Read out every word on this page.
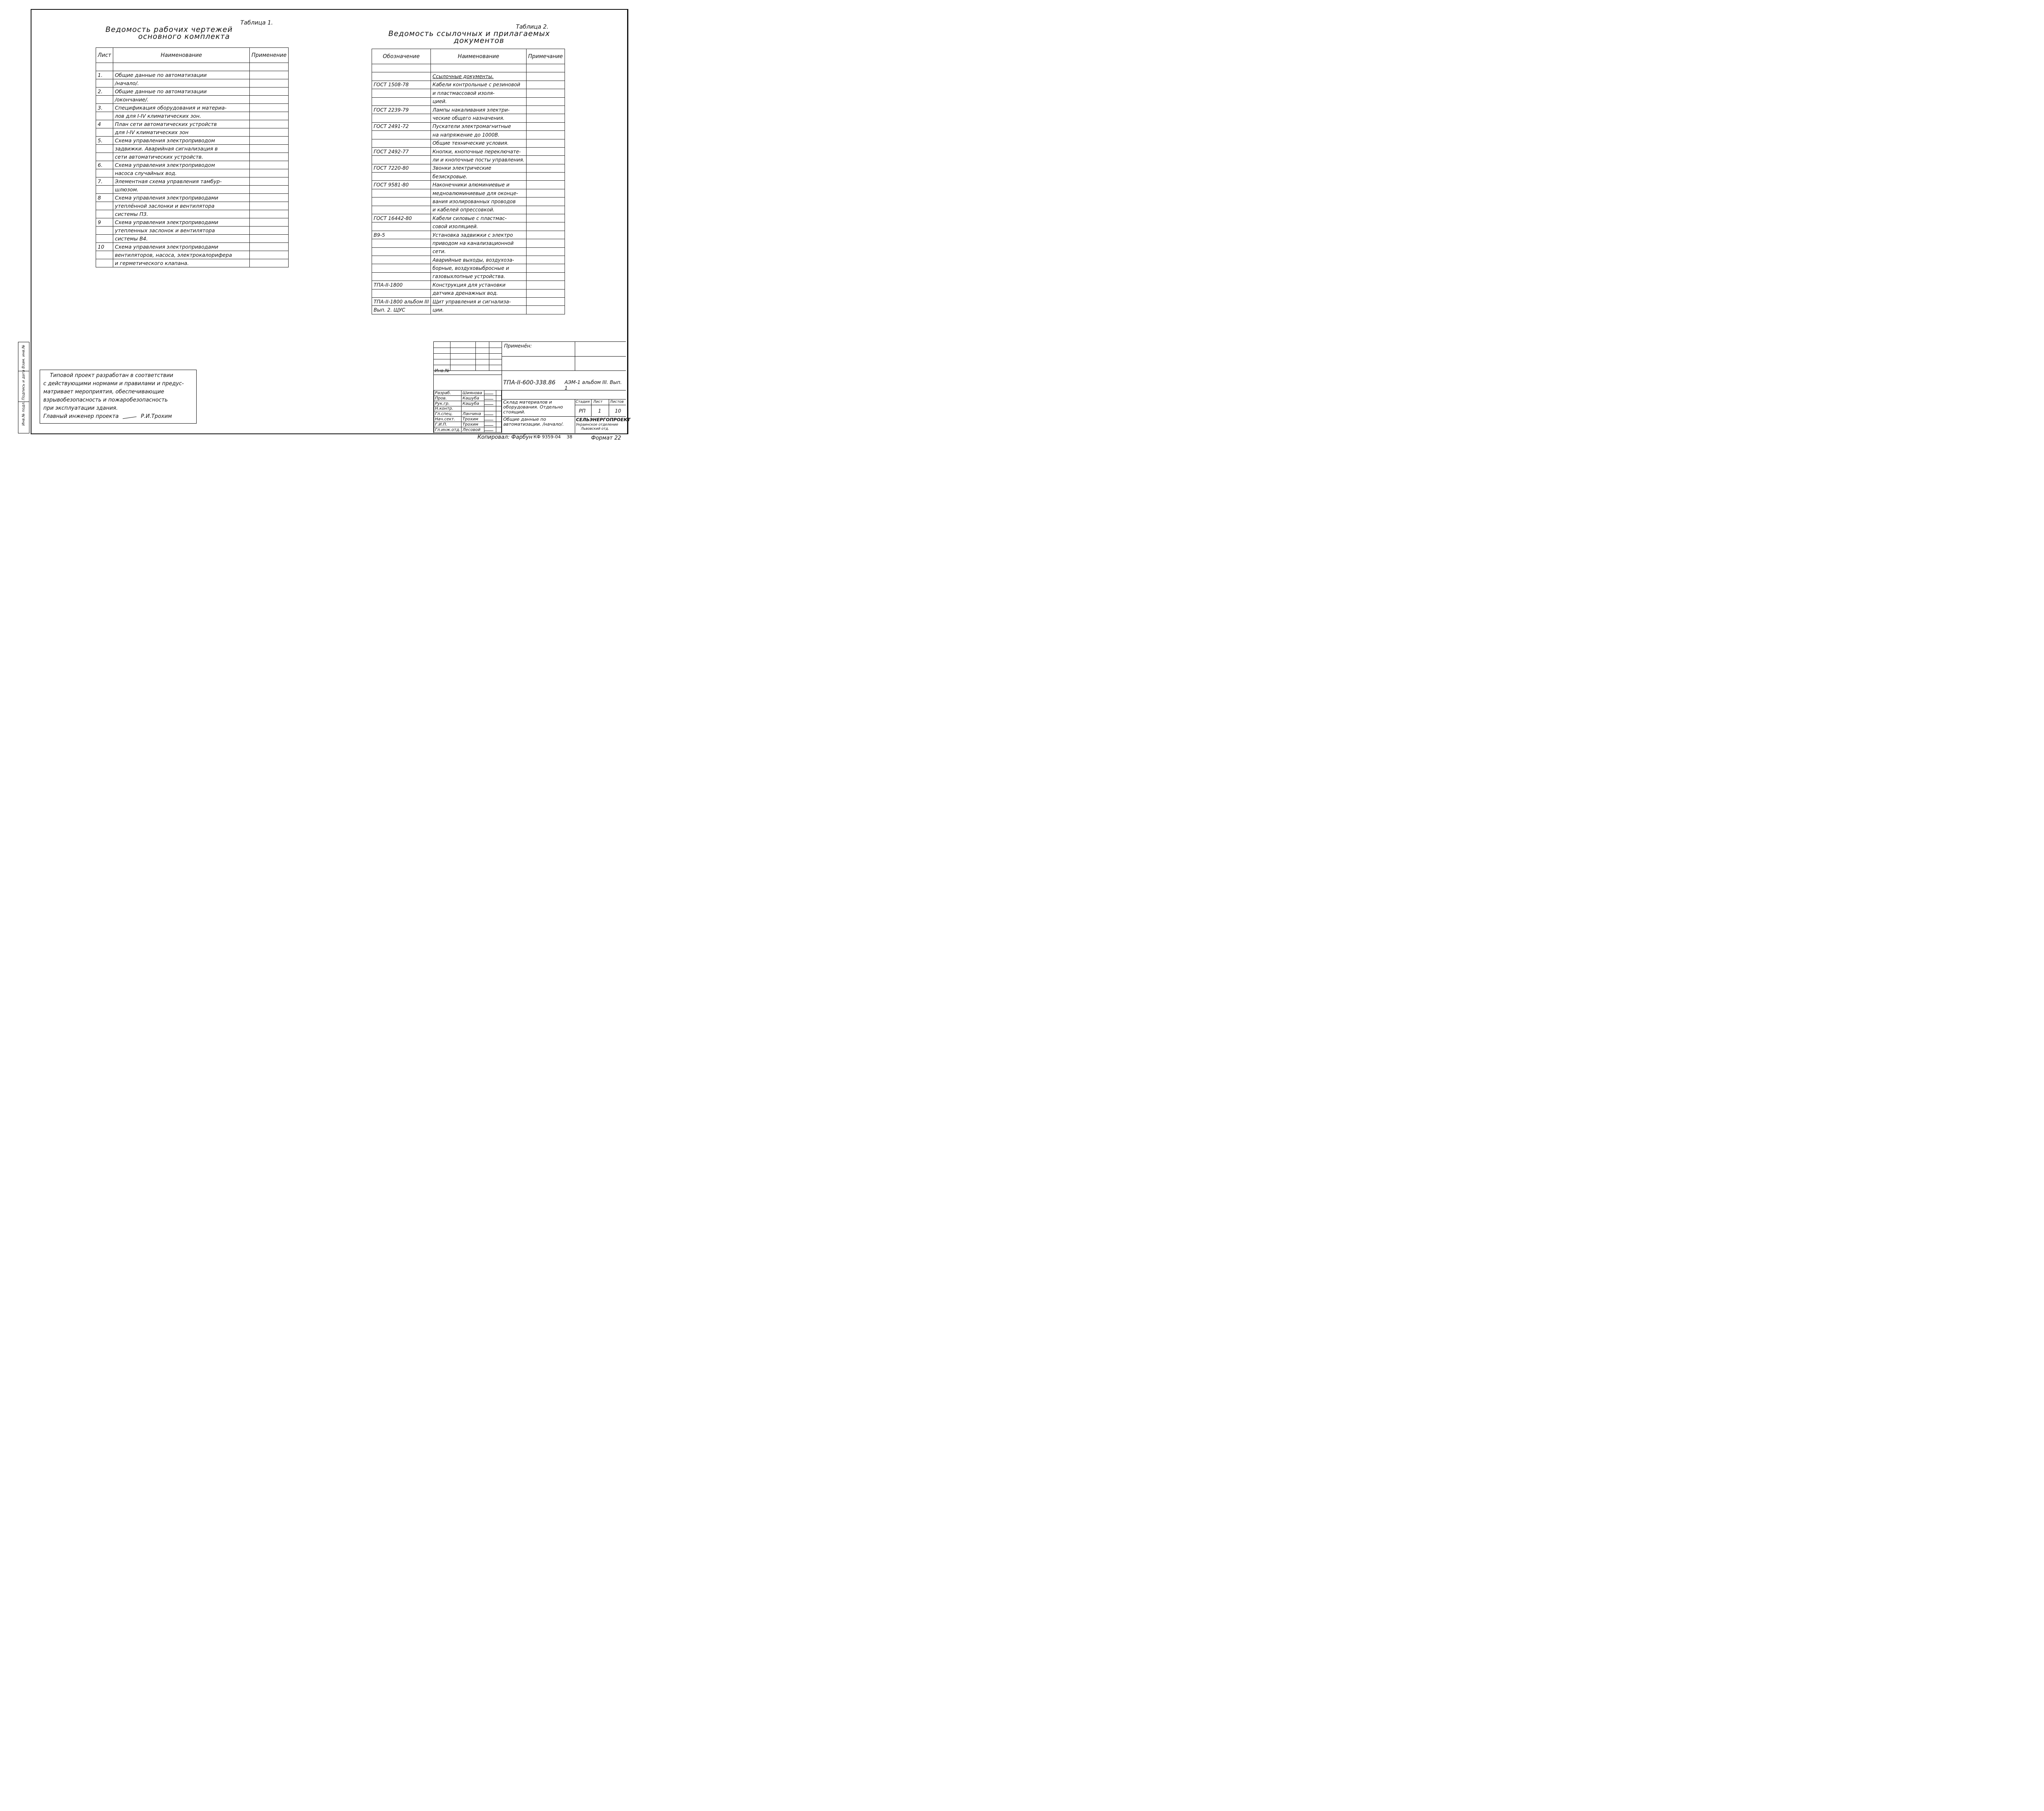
Инв.№ подл. Подпись и дата Взам. инв.№
Таблица 1.
Ведомость рабочих чертежей
основного комплекта
Лист	Наименование	Применение

1.	Общие данные по автоматизации	
	/начало/.	
2.	Общие данные по автоматизации	
	/окончание/.	
3.	Спецификация оборудования и материа-	
	лов для I-IV климатических зон.	
4	План сети автоматических устройств	
	для I-IV климатических зон	
5.	Схема управления электроприводом	
	задвижки. Аварийная сигнализация в	
	сети автоматических устройств.	
6.	Схема управления электроприводом	
	насоса случайных вод.	
7.	Элементная схема управления тамбур-	
	шлюзом.	
8	Схема управления электроприводами	
	утеплённой заслонки и вентилятора	
	системы П3.	
9	Схема управления электроприводами	
	утепленных заслонок и вентилятора	
	системы В4.	
10	Схема управления электроприводами	
	вентиляторов, насоса, электрокалорифера	
	и герметического клапана.	
Таблица 2.
Ведомость ссылочных и прилагаемых
документов
Обозначение	Наименование	Примечание

	Ссылочные документы.	
ГОСТ 1508-78	Кабели контрольные с резиновой	
	и пластмассовой изоля-	
	цией.	
ГОСТ 2239-79	Лампы накаливания электри-	
	ческие общего назначения.	
ГОСТ 2491-72	Пускатели электромагнитные	
	на напряжение до 1000В.	
	Общие технические условия.	
ГОСТ 2492-77	Кнопки, кнопочные переключате-	
	ли и кнопочные посты управления.	
ГОСТ 7220-80	Звонки электрические	
	безискровые.	
ГОСТ 9581-80	Наконечники алюминиевые и	
	медноалюминиевые для оконце-	
	вания изолированных проводов	
	и кабелей опрессовкой.	
ГОСТ 16442-80	Кабели силовые с пластмас-	
	совой изоляцией.	
В9-5	Установка задвижки с электро	
	приводом на канализационной	
	сети.	
	Аварийные выходы, воздухоза-	
	борные, воздуховыбросные и	
	газовыхлопные устройства.	
ТПА-II-1800	Конструкция для установки	
	датчика дренажных вод.	
ТПА-II-1800 альбом III	Щит управления и сигнализа-	
Вып. 2. ЩУС	ции.	
Типовой проект разработан в соответствии
с действующими нормами и правилами и предус-
матривает мероприятия, обеспечивающие
взрывобезопасность и пожаробезопасность
при эксплуатации здания.
Главный инженер проекта	Р.И.Трохим
Применён:
Инв.№
ТПА-II-600-338.86 АЭМ-1 альбом III. Вып. 1
Разраб.	Шиянова		
Пров.	Кашуба		
Рук.гр.	Кашуба		
Н.контр.			
Гл.спец.	Ланчина		
Нач.сект.	Трохим		
Г.И.П.	Трохим		
Гл.инж.отд.	Лесовой		
Склад материалов и оборудования. Отдельно стоящий.
Стадия Лист Листов
РП	1	10
Общие данные по автоматизации. /начало/.
СЕЛЬЭНЕРГОПРОЕКТ
Украинское отделение
Львовский отд.
Копировал: Фарбун КФ 9359-04 38	Формат 22
